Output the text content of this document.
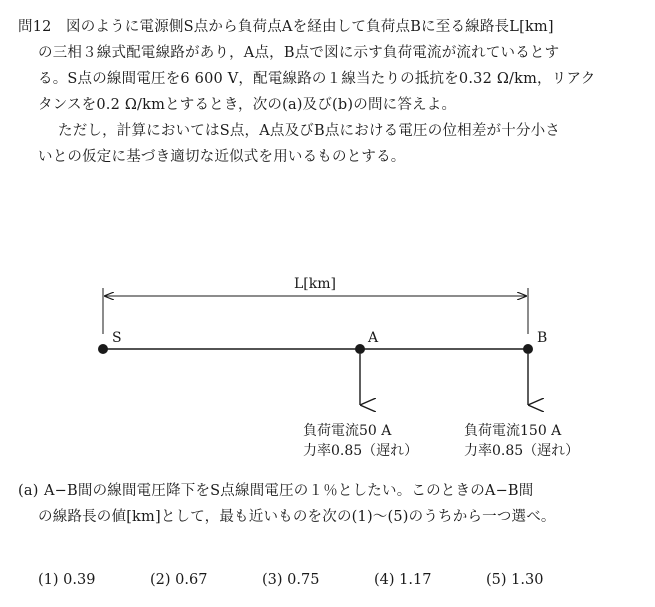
問12 図のように電源側S点から負荷点Aを経由して負荷点Bに至る線路長L[km]
の三相３線式配電線路があり，A点，B点で図に示す負荷電流が流れているとす
る。S点の線間電圧を6 600 V，配電線路の１線当たりの抵抗を0.32 Ω/km，リアク
タンスを0.2 Ω/kmとするとき，次の(a)及び(b)の問に答えよ。
ただし，計算においてはS点，A点及びB点における電圧の位相差が十分小さ
いとの仮定に基づき適切な近似式を用いるものとする。
L[km]
S	A	B
負荷電流50 A
力率0.85（遅れ）
負荷電流150 A
力率0.85（遅れ）
(a) A−B間の線間電圧降下をS点線間電圧の１％としたい。このときのA−B間
の線路長の値[km]として，最も近いものを次の(1)〜(5)のうちから一つ選べ。
(1) 0.39	(2) 0.67	(3) 0.75	(4) 1.17	(5) 1.30
